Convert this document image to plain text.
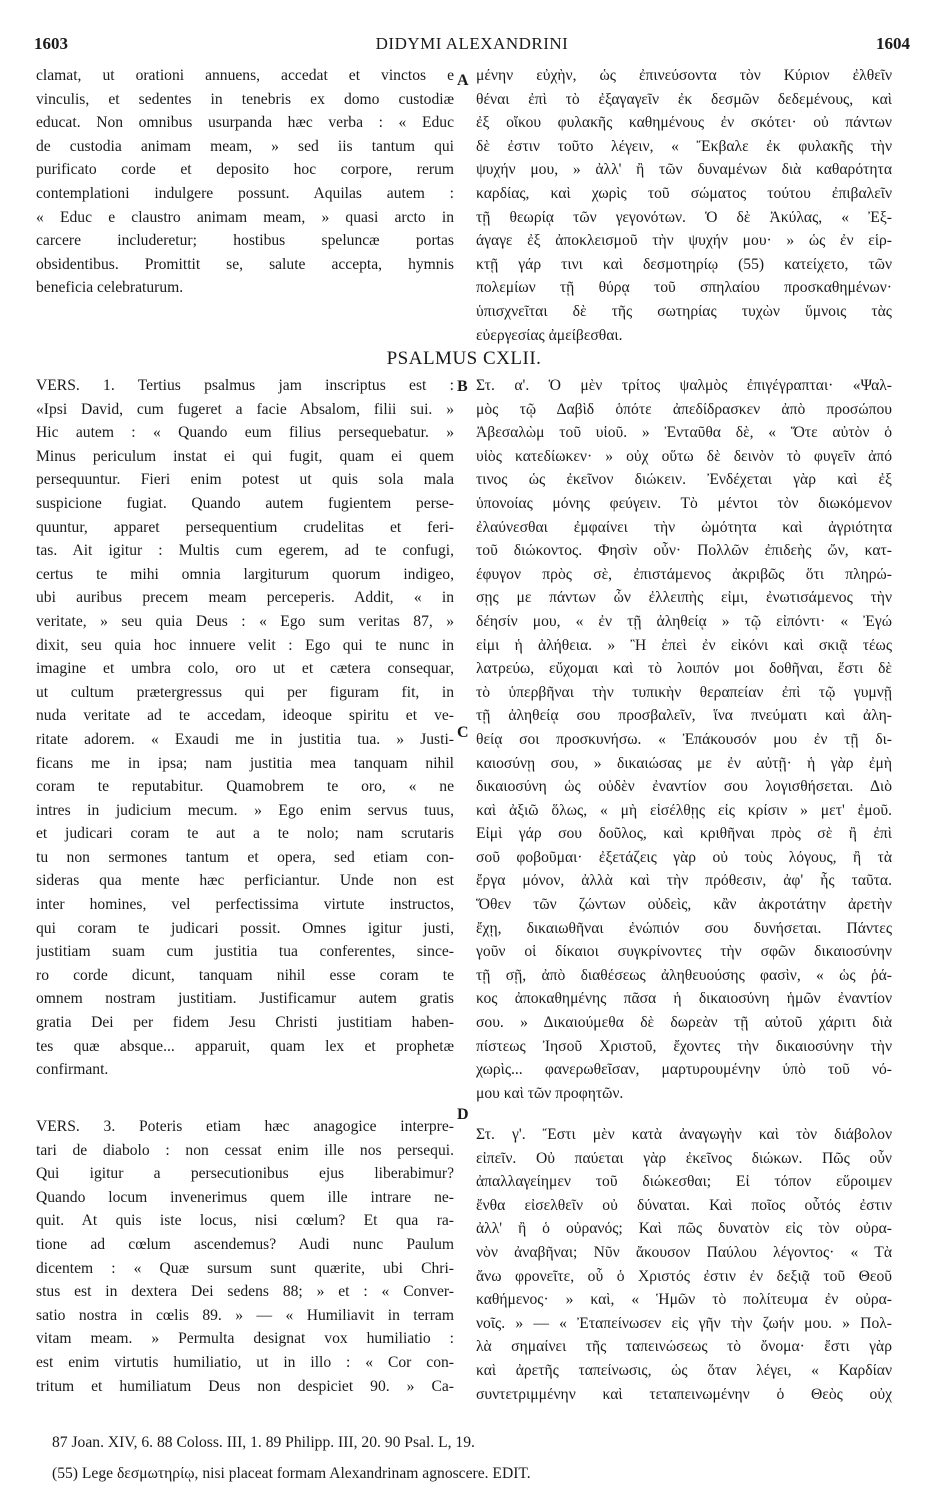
1603	DIDYMI ALEXANDRINI	1604
clamat, ut orationi annuens, accedat et vinctos e
vinculis, et sedentes in tenebris ex domo custodiæ
educat. Non omnibus usurpanda hæc verba : « Educ
de custodia animam meam, » sed iis tantum qui
purificato corde et deposito hoc corpore, rerum
contemplationi indulgere possunt. Aquilas autem :
« Educ e claustro animam meam, » quasi arcto in
carcere includeretur; hostibus speluncæ portas
obsidentibus. Promittit se, salute accepta, hymnis
beneficia celebraturum.
μένην εὐχὴν, ὡς ἐπινεύσοντα τὸν Κύριον ἐλθεῖν
θέναι ἐπὶ τὸ ἐξαγαγεῖν ἐκ δεσμῶν δεδεμένους, καὶ
ἐξ οἴκου φυλακῆς καθημένους ἐν σκότει· οὐ πάντων
δὲ ἐστιν τοῦτο λέγειν, « Ἔκβαλε ἐκ φυλακῆς τὴν
ψυχήν μου, » ἀλλ' ἢ τῶν δυναμένων διὰ καθαρότητα
καρδίας, καὶ χωρὶς τοῦ σώματος τούτου ἐπιβαλεῖν
τῇ θεωρίᾳ τῶν γεγονότων. Ὁ δὲ Ἀκύλας, « Ἐξ-
άγαγε ἐξ ἀποκλεισμοῦ τὴν ψυχήν μου· » ὡς ἐν εἱρ-
κτῇ γάρ τινι καὶ δεσμοτηρίῳ (55) κατείχετο, τῶν
πολεμίων τῇ θύρᾳ τοῦ σπηλαίου προσκαθημένων·
ὑπισχνεῖται δὲ τῆς σωτηρίας τυχὼν ὕμνοις τὰς
εὐεργεσίας ἀμείβεσθαι.
A
PSALMUS CXLII.
VERS. 1. Tertius psalmus jam inscriptus est :
«Ipsi David, cum fugeret a facie Absalom, filii sui. »
Hic autem : « Quando eum filius persequebatur. »
Minus periculum instat ei qui fugit, quam ei quem
persequuntur. Fieri enim potest ut quis sola mala
suspicione fugiat. Quando autem fugientem perse-
quuntur, apparet persequentium crudelitas et feri-
tas. Ait igitur : Multis cum egerem, ad te confugi,
certus te mihi omnia largiturum quorum indigeo,
ubi auribus precem meam perceperis. Addit, « in
veritate, » seu quia Deus : « Ego sum veritas 87, »
dixit, seu quia hoc innuere velit : Ego qui te nunc in
imagine et umbra colo, oro ut et cætera consequar,
ut cultum prætergressus qui per figuram fit, in
nuda veritate ad te accedam, ideoque spiritu et ve-
ritate adorem. « Exaudi me in justitia tua. » Justi-
ficans me in ipsa; nam justitia mea tanquam nihil
coram te reputabitur. Quamobrem te oro, « ne
intres in judicium mecum. » Ego enim servus tuus,
et judicari coram te aut a te nolo; nam scrutaris
tu non sermones tantum et opera, sed etiam con-
sideras qua mente hæc perficiantur. Unde non est
inter homines, vel perfectissima virtute instructos,
qui coram te judicari possit. Omnes igitur justi,
justitiam suam cum justitia tua conferentes, sincе-
ro corde dicunt, tanquam nihil esse coram te
omnem nostram justitiam. Justificamur autem gratis
gratia Dei per fidem Jesu Christi justitiam haben-
tes quæ absque... apparuit, quam lex et prophetæ
confirmant.
Στ. α'. Ὁ μὲν τρίτος ψαλμὸς ἐπιγέγραπται· «Ψαλ-
μὸς τῷ Δαβὶδ ὁπότε ἀπεδίδρασκεν ἀπὸ προσώπου
Ἀβεσαλὼμ τοῦ υἱοῦ. » Ἐνταῦθα δὲ, « Ὅτε αὐτὸν ὁ
υἱὸς κατεδίωκεν· » οὐχ οὕτω δὲ δεινὸν τὸ φυγεῖν ἀπό
τινος ὡς ἐκεῖνον διώκειν. Ἐνδέχεται γὰρ καὶ ἐξ
ὑπονοίας μόνης φεύγειν. Τὸ μέντοι τὸν διωκόμενον
ἐλαύνεσθαι ἐμφαίνει τὴν ὠμότητα καὶ ἀγριότητα
τοῦ διώκοντος. Φησὶν οὖν· Πολλῶν ἐπιδεὴς ὤν, κατ-
έφυγον πρὸς σὲ, ἐπιστάμενος ἀκριβῶς ὅτι πληρώ-
σῃς με πάντων ὧν ἐλλειπὴς εἰμι, ἐνωτισάμενος τὴν
δέησίν μου, « ἐν τῇ ἀληθείᾳ » τῷ εἰπόντι· « Ἐγώ
εἰμι ἡ ἀλήθεια. » Ἢ ἐπεὶ ἐν εἰκόνι καὶ σκιᾷ τέως
λατρεύω, εὔχομαι καὶ τὸ λοιπόν μοι δοθῆναι, ἔστι δὲ
τὸ ὑπερβῆναι τὴν τυπικὴν θεραπείαν ἐπὶ τῷ γυμνῇ
τῇ ἀληθείᾳ σου προσβαλεῖν, ἵνα πνεύματι καὶ ἀλη-
θείᾳ σοι προσκυνήσω. « Ἐπάκουσόν μου ἐν τῇ δι-
καιοσύνῃ σου, » δικαιώσας με ἐν αὐτῇ· ἡ γὰρ ἐμὴ
δικαιοσύνη ὡς οὐδὲν ἐναντίον σου λογισθήσεται. Διὸ
καὶ ἀξιῶ ὅλως, « μὴ εἰσέλθῃς εἰς κρίσιν » μετ' ἐμοῦ.
Εἰμὶ γάρ σου δοῦλος, καὶ κριθῆναι πρὸς σὲ ἢ ἐπὶ
σοῦ φοβοῦμαι· ἐξετάζεις γὰρ οὐ τοὺς λόγους, ἢ τὰ
ἔργα μόνον, ἀλλὰ καὶ τὴν πρόθεσιν, ἀφ' ἧς ταῦτα.
Ὅθεν τῶν ζώντων οὐδεὶς, κἂν ἀκροτάτην ἀρετὴν
ἔχῃ, δικαιωθῆναι ἐνώπιόν σου δυνήσεται. Πάντες
γοῦν οἱ δίκαιοι συγκρίνοντες τὴν σφῶν δικαιοσύνην
τῇ σῇ, ἀπὸ διαθέσεως ἀληθευούσης φασὶν, « ὡς ῥά-
κος ἀποκαθημένης πᾶσα ἡ δικαιοσύνη ἡμῶν ἐναντίον
σου. » Δικαιούμεθα δὲ δωρεὰν τῇ αὐτοῦ χάριτι διὰ
πίστεως Ἰησοῦ Χριστοῦ, ἔχοντες τὴν δικαιοσύνην τὴν
χωρὶς... φανερωθεῖσαν, μαρτυρουμένην ὑπὸ τοῦ νό-
μου καὶ τῶν προφητῶν.
B
C
D
VERS. 3. Poteris etiam hæc anagogice interpre-
tari de diabolo : non cessat enim ille nos persequi.
Qui igitur a persecutionibus ejus liberabimur?
Quando locum invenerimus quem ille intrare ne-
quit. At quis iste locus, nisi cœlum? Et qua ra-
tione ad cœlum ascendemus? Audi nunc Paulum
dicentem : « Quæ sursum sunt quærite, ubi Chri-
stus est in dextera Dei sedens 88; » et : « Conver-
satio nostra in cœlis 89. » — « Humiliavit in terram
vitam meam. » Permulta designat vox humiliatio :
est enim virtutis humiliatio, ut in illo : « Cor con-
tritum et humiliatum Deus non despiciet 90. » Ca-
Στ. γ'. Ἔστι μὲν κατὰ ἀναγωγὴν καὶ τὸν διάβολον
εἰπεῖν. Οὐ παύεται γὰρ ἐκεῖνος διώκων. Πῶς οὖν
ἀπαλλαγείημεν τοῦ διώκεσθαι; Εἰ τόπον εὕροιμεν
ἔνθα εἰσελθεῖν οὐ δύναται. Καὶ ποῖος οὗτός ἐστιν
ἀλλ' ἢ ὁ οὐρανός; Καὶ πῶς δυνατὸν εἰς τὸν οὐρα-
νὸν ἀναβῆναι; Νῦν ἄκουσον Παύλου λέγοντος· « Τὰ
ἄνω φρονεῖτε, οὗ ὁ Χριστός ἐστιν ἐν δεξιᾷ τοῦ Θεοῦ
καθήμενος· » καὶ, « Ἡμῶν τὸ πολίτευμα ἐν οὐρα-
νοῖς. » — « Ἐταπείνωσεν εἰς γῆν τὴν ζωήν μου. » Πολ-
λὰ σημαίνει τῆς ταπεινώσεως τὸ ὄνομα· ἔστι γὰρ
καὶ ἀρετῆς ταπείνωσις, ὡς ὅταν λέγει, « Καρδίαν
συντετριμμένην καὶ τεταπεινωμένην ὁ Θεὸς οὐχ
87 Joan. XIV, 6. 88 Coloss. III, 1. 89 Philipp. III, 20. 90 Psal. L, 19.
(55) Lege δεσμωτηρίῳ, nisi placeat formam Alexandrinam agnoscere. EDIT.
